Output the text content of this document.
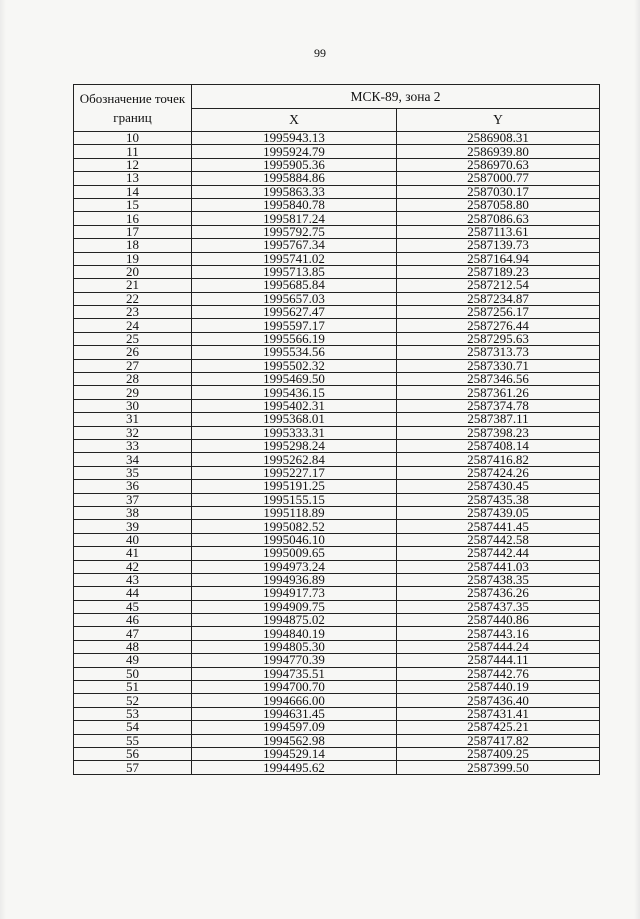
99
Обозначение точек границ	МСК-89, зона 2	
	X	Y
10	1995943.13	2586908.31
11	1995924.79	2586939.80
12	1995905.36	2586970.63
13	1995884.86	2587000.77
14	1995863.33	2587030.17
15	1995840.78	2587058.80
16	1995817.24	2587086.63
17	1995792.75	2587113.61
18	1995767.34	2587139.73
19	1995741.02	2587164.94
20	1995713.85	2587189.23
21	1995685.84	2587212.54
22	1995657.03	2587234.87
23	1995627.47	2587256.17
24	1995597.17	2587276.44
25	1995566.19	2587295.63
26	1995534.56	2587313.73
27	1995502.32	2587330.71
28	1995469.50	2587346.56
29	1995436.15	2587361.26
30	1995402.31	2587374.78
31	1995368.01	2587387.11
32	1995333.31	2587398.23
33	1995298.24	2587408.14
34	1995262.84	2587416.82
35	1995227.17	2587424.26
36	1995191.25	2587430.45
37	1995155.15	2587435.38
38	1995118.89	2587439.05
39	1995082.52	2587441.45
40	1995046.10	2587442.58
41	1995009.65	2587442.44
42	1994973.24	2587441.03
43	1994936.89	2587438.35
44	1994917.73	2587436.26
45	1994909.75	2587437.35
46	1994875.02	2587440.86
47	1994840.19	2587443.16
48	1994805.30	2587444.24
49	1994770.39	2587444.11
50	1994735.51	2587442.76
51	1994700.70	2587440.19
52	1994666.00	2587436.40
53	1994631.45	2587431.41
54	1994597.09	2587425.21
55	1994562.98	2587417.82
56	1994529.14	2587409.25
57	1994495.62	2587399.50
